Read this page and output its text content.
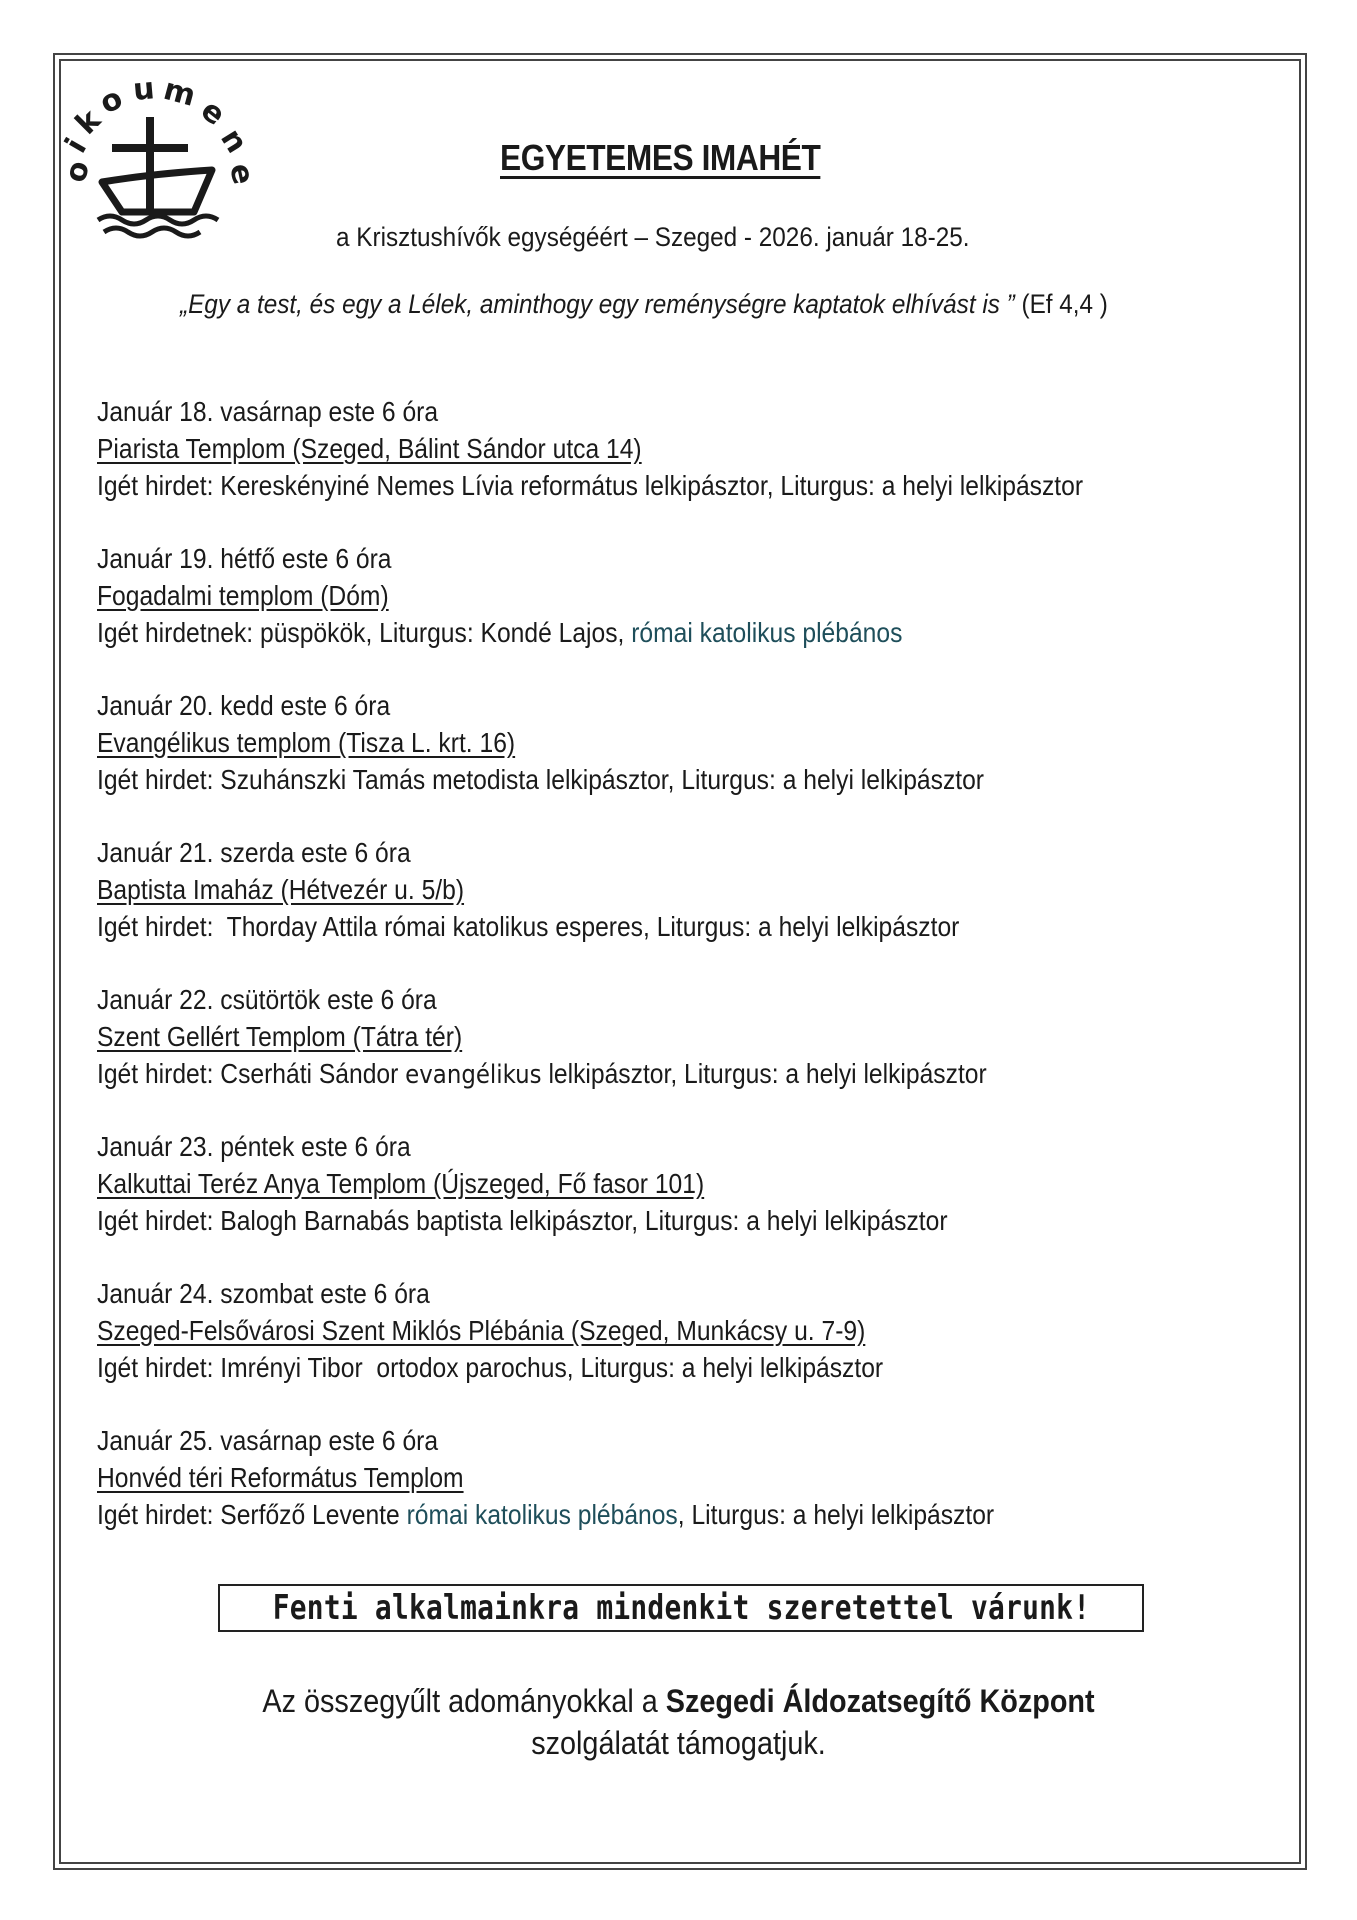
o
i
k
o u m
e
n
e	EGYETEMES IMAHÉT
a Krisztushívők egységéért – Szeged - 2026. január 18-25.
„Egy a test, és egy a Lélek, aminthogy egy reménységre kaptatok elhívást is ” (Ef 4,4 )
Január 18. vasárnap este 6 óra
Piarista Templom (Szeged, Bálint Sándor utca 14)
Igét hirdet: Kereskényiné Nemes Lívia református lelkipásztor, Liturgus: a helyi lelkipásztor
Január 19. hétfő este 6 óra
Fogadalmi templom (Dóm)
Igét hirdetnek: püspökök, Liturgus: Kondé Lajos, római katolikus plébános
Január 20. kedd este 6 óra
Evangélikus templom (Tisza L. krt. 16)
Igét hirdet: Szuhánszki Tamás metodista lelkipásztor, Liturgus: a helyi lelkipásztor
Január 21. szerda este 6 óra
Baptista Imaház (Hétvezér u. 5/b)
Igét hirdet:  Thorday Attila római katolikus esperes, Liturgus: a helyi lelkipásztor
Január 22. csütörtök este 6 óra
Szent Gellért Templom (Tátra tér)
Igét hirdet: Cserháti Sándor evangélikus lelkipásztor, Liturgus: a helyi lelkipásztor
Január 23. péntek este 6 óra
Kalkuttai Teréz Anya Templom (Újszeged, Fő fasor 101)
Igét hirdet: Balogh Barnabás baptista lelkipásztor, Liturgus: a helyi lelkipásztor
Január 24. szombat este 6 óra
Szeged-Felsővárosi Szent Miklós Plébánia (Szeged, Munkácsy u. 7-9)
Igét hirdet: Imrényi Tibor  ortodox parochus, Liturgus: a helyi lelkipásztor
Január 25. vasárnap este 6 óra
Honvéd téri Református Templom
Igét hirdet: Serfőző Levente római katolikus plébános, Liturgus: a helyi lelkipásztor
Fenti alkalmainkra mindenkit szeretettel várunk!
Az összegyűlt adományokkal a Szegedi Áldozatsegítő Központ
szolgálatát támogatjuk.
